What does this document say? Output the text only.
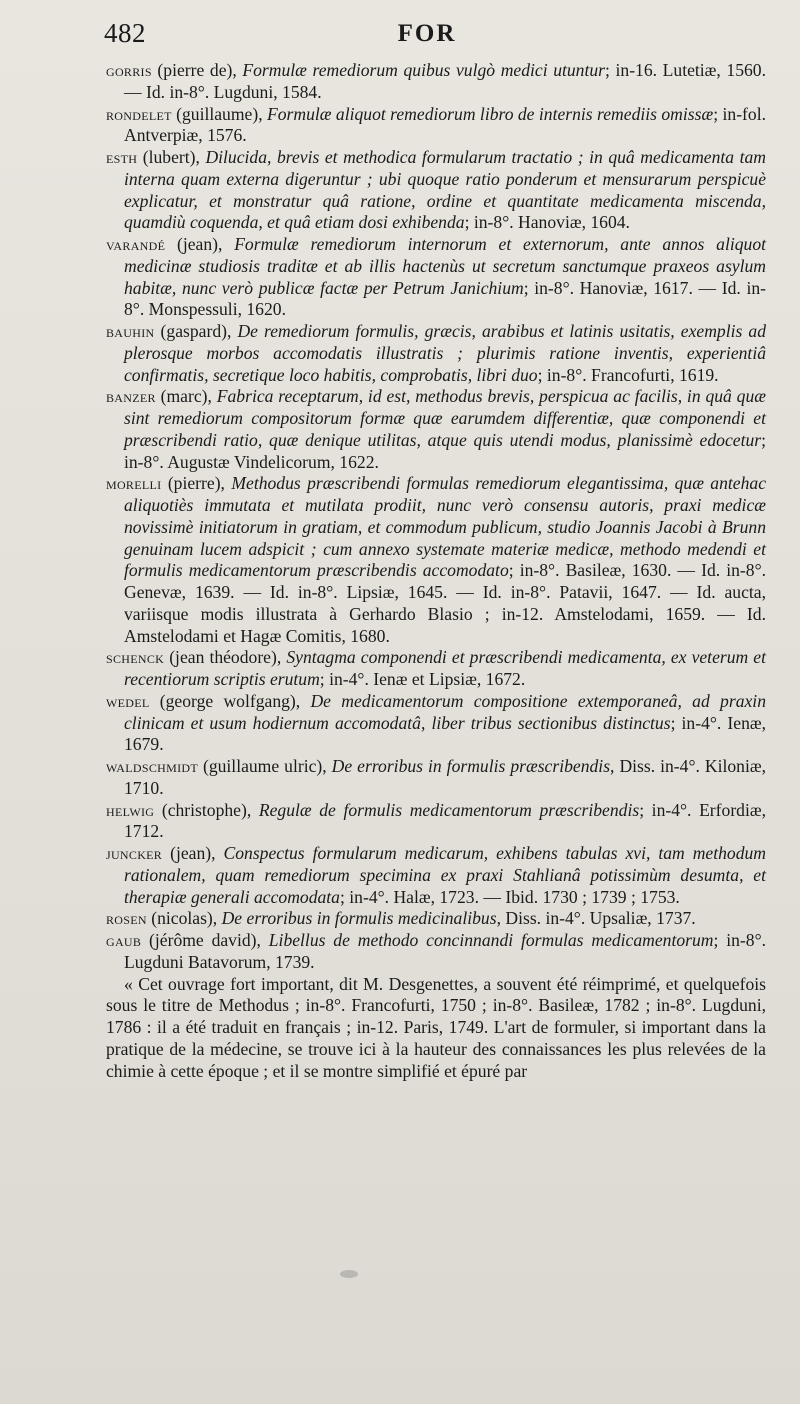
482	FOR

gorris (pierre de), Formulæ remediorum quibus vulgò medici utuntur; in-16. Lutetiæ, 1560. — Id. in-8°. Lugduni, 1584.

rondelet (guillaume), Formulæ aliquot remediorum libro de internis remediis omissæ; in-fol. Antverpiæ, 1576.

esth (lubert), Dilucida, brevis et methodica formularum tractatio ; in quâ medicamenta tam interna quam externa digeruntur ; ubi quoque ratio ponderum et mensurarum perspicuè explicatur, et monstratur quâ ratione, ordine et quantitate medicamenta miscenda, quamdiù coquenda, et quâ etiam dosi exhibenda; in-8°. Hanoviæ, 1604.

varandé (jean), Formulæ remediorum internorum et externorum, ante annos aliquot medicinæ studiosis traditæ et ab illis hactenùs ut secretum sanctumque praxeos asylum habitæ, nunc verò publicæ factæ per Petrum Janichium; in-8°. Hanoviæ, 1617. — Id. in-8°. Monspessuli, 1620.

bauhin (gaspard), De remediorum formulis, græcis, arabibus et latinis usitatis, exemplis ad plerosque morbos accomodatis illustratis ; plurimis ratione inventis, experientiâ confirmatis, secretique loco habitis, comprobatis, libri duo; in-8°. Francofurti, 1619.

banzer (marc), Fabrica receptarum, id est, methodus brevis, perspicua ac facilis, in quâ quæ sint remediorum compositorum formæ quæ earumdem differentiæ, quæ componendi et præscribendi ratio, quæ denique utilitas, atque quis utendi modus, planissimè edocetur; in-8°. Augustæ Vindelicorum, 1622.

morelli (pierre), Methodus præscribendi formulas remediorum elegantissima, quæ antehac aliquotiès immutata et mutilata prodiit, nunc verò consensu autoris, praxi medicæ novissimè initiatorum in gratiam, et commodum publicum, studio Joannis Jacobi à Brunn genuinam lucem adspicit ; cum annexo systemate materiæ medicæ, methodo medendi et formulis medicamentorum præscribendis accomodato; in-8°. Basileæ, 1630. — Id. in-8°. Genevæ, 1639. — Id. in-8°. Lipsiæ, 1645. — Id. in-8°. Patavii, 1647. — Id. aucta, variisque modis illustrata à Gerhardo Blasio ; in-12. Amstelodami, 1659. — Id. Amstelodami et Hagæ Comitis, 1680.

schenck (jean théodore), Syntagma componendi et præscribendi medicamenta, ex veterum et recentiorum scriptis erutum; in-4°. Ienæ et Lipsiæ, 1672.

wedel (george wolfgang), De medicamentorum compositione extemporaneâ, ad praxin clinicam et usum hodiernum accomodatâ, liber tribus sectionibus distinctus; in-4°. Ienæ, 1679.

waldschmidt (guillaume ulric), De erroribus in formulis præscribendis, Diss. in-4°. Kiloniæ, 1710.

helwig (christophe), Regulæ de formulis medicamentorum præscribendis; in-4°. Erfordiæ, 1712.

juncker (jean), Conspectus formularum medicarum, exhibens tabulas xvi, tam methodum rationalem, quam remediorum specimina ex praxi Stahlianâ potissimùm desumta, et therapiæ generali accomodata; in-4°. Halæ, 1723. — Ibid. 1730 ; 1739 ; 1753.

rosen (nicolas), De erroribus in formulis medicinalibus, Diss. in-4°. Upsaliæ, 1737.

gaub (jérôme david), Libellus de methodo concinnandi formulas medicamentorum; in-8°. Lugduni Batavorum, 1739.

« Cet ouvrage fort important, dit M. Desgenettes, a souvent été réimprimé, et quelquefois sous le titre de Methodus ; in-8°. Francofurti, 1750 ; in-8°. Basileæ, 1782 ; in-8°. Lugduni, 1786 : il a été traduit en français ; in-12. Paris, 1749. L'art de formuler, si important dans la pratique de la médecine, se trouve ici à la hauteur des connaissances les plus relevées de la chimie à cette époque ; et il se montre simplifié et épuré par
